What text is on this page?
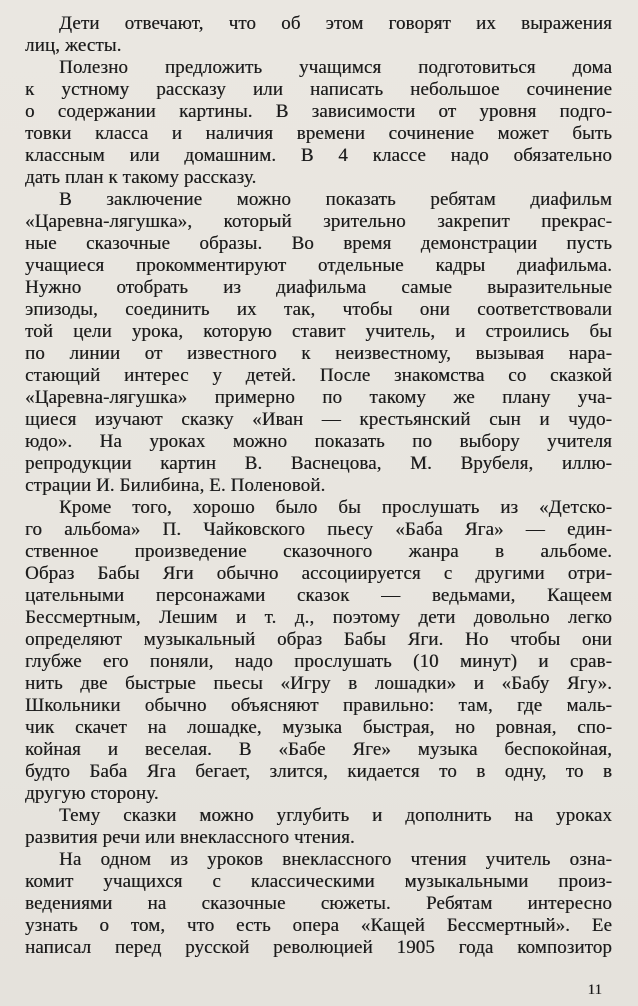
Дети отвечают, что об этом говорят их выражения
лиц, жесты.
Полезно предложить учащимся подготовиться дома
к устному рассказу или написать небольшое сочинение
о содержании картины. В зависимости от уровня подго-
товки класса и наличия времени сочинение может быть
классным или домашним. В 4 классе надо обязательно
дать план к такому рассказу.
В заключение можно показать ребятам диафильм
«Царевна-лягушка», который зрительно закрепит прекрас-
ные сказочные образы. Во время демонстрации пусть
учащиеся прокомментируют отдельные кадры диафильма.
Нужно отобрать из диафильма самые выразительные
эпизоды, соединить их так, чтобы они соответствовали
той цели урока, которую ставит учитель, и строились бы
по линии от известного к неизвестному, вызывая нара-
стающий интерес у детей. После знакомства со сказкой
«Царевна-лягушка» примерно по такому же плану уча-
щиеся изучают сказку «Иван — крестьянский сын и чудо-
юдо». На уроках можно показать по выбору учителя
репродукции картин В. Васнецова, М. Врубеля, иллю-
страции И. Билибина, Е. Поленовой.
Кроме того, хорошо было бы прослушать из «Детско-
го альбома» П. Чайковского пьесу «Баба Яга» — един-
ственное произведение сказочного жанра в альбоме.
Образ Бабы Яги обычно ассоциируется с другими отри-
цательными персонажами сказок — ведьмами, Кащеем
Бессмертным, Лешим и т. д., поэтому дети довольно легко
определяют музыкальный образ Бабы Яги. Но чтобы они
глубже его поняли, надо прослушать (10 минут) и срав-
нить две быстрые пьесы «Игру в лошадки» и «Бабу Ягу».
Школьники обычно объясняют правильно: там, где маль-
чик скачет на лошадке, музыка быстрая, но ровная, спо-
койная и веселая. В «Бабе Яге» музыка беспокойная,
будто Баба Яга бегает, злится, кидается то в одну, то в
другую сторону.
Тему сказки можно углубить и дополнить на уроках
развития речи или внеклассного чтения.
На одном из уроков внеклассного чтения учитель озна-
комит учащихся с классическими музыкальными произ-
ведениями на сказочные сюжеты. Ребятам интересно
узнать о том, что есть опера «Кащей Бессмертный». Ее
написал перед русской революцией 1905 года композитор
11
